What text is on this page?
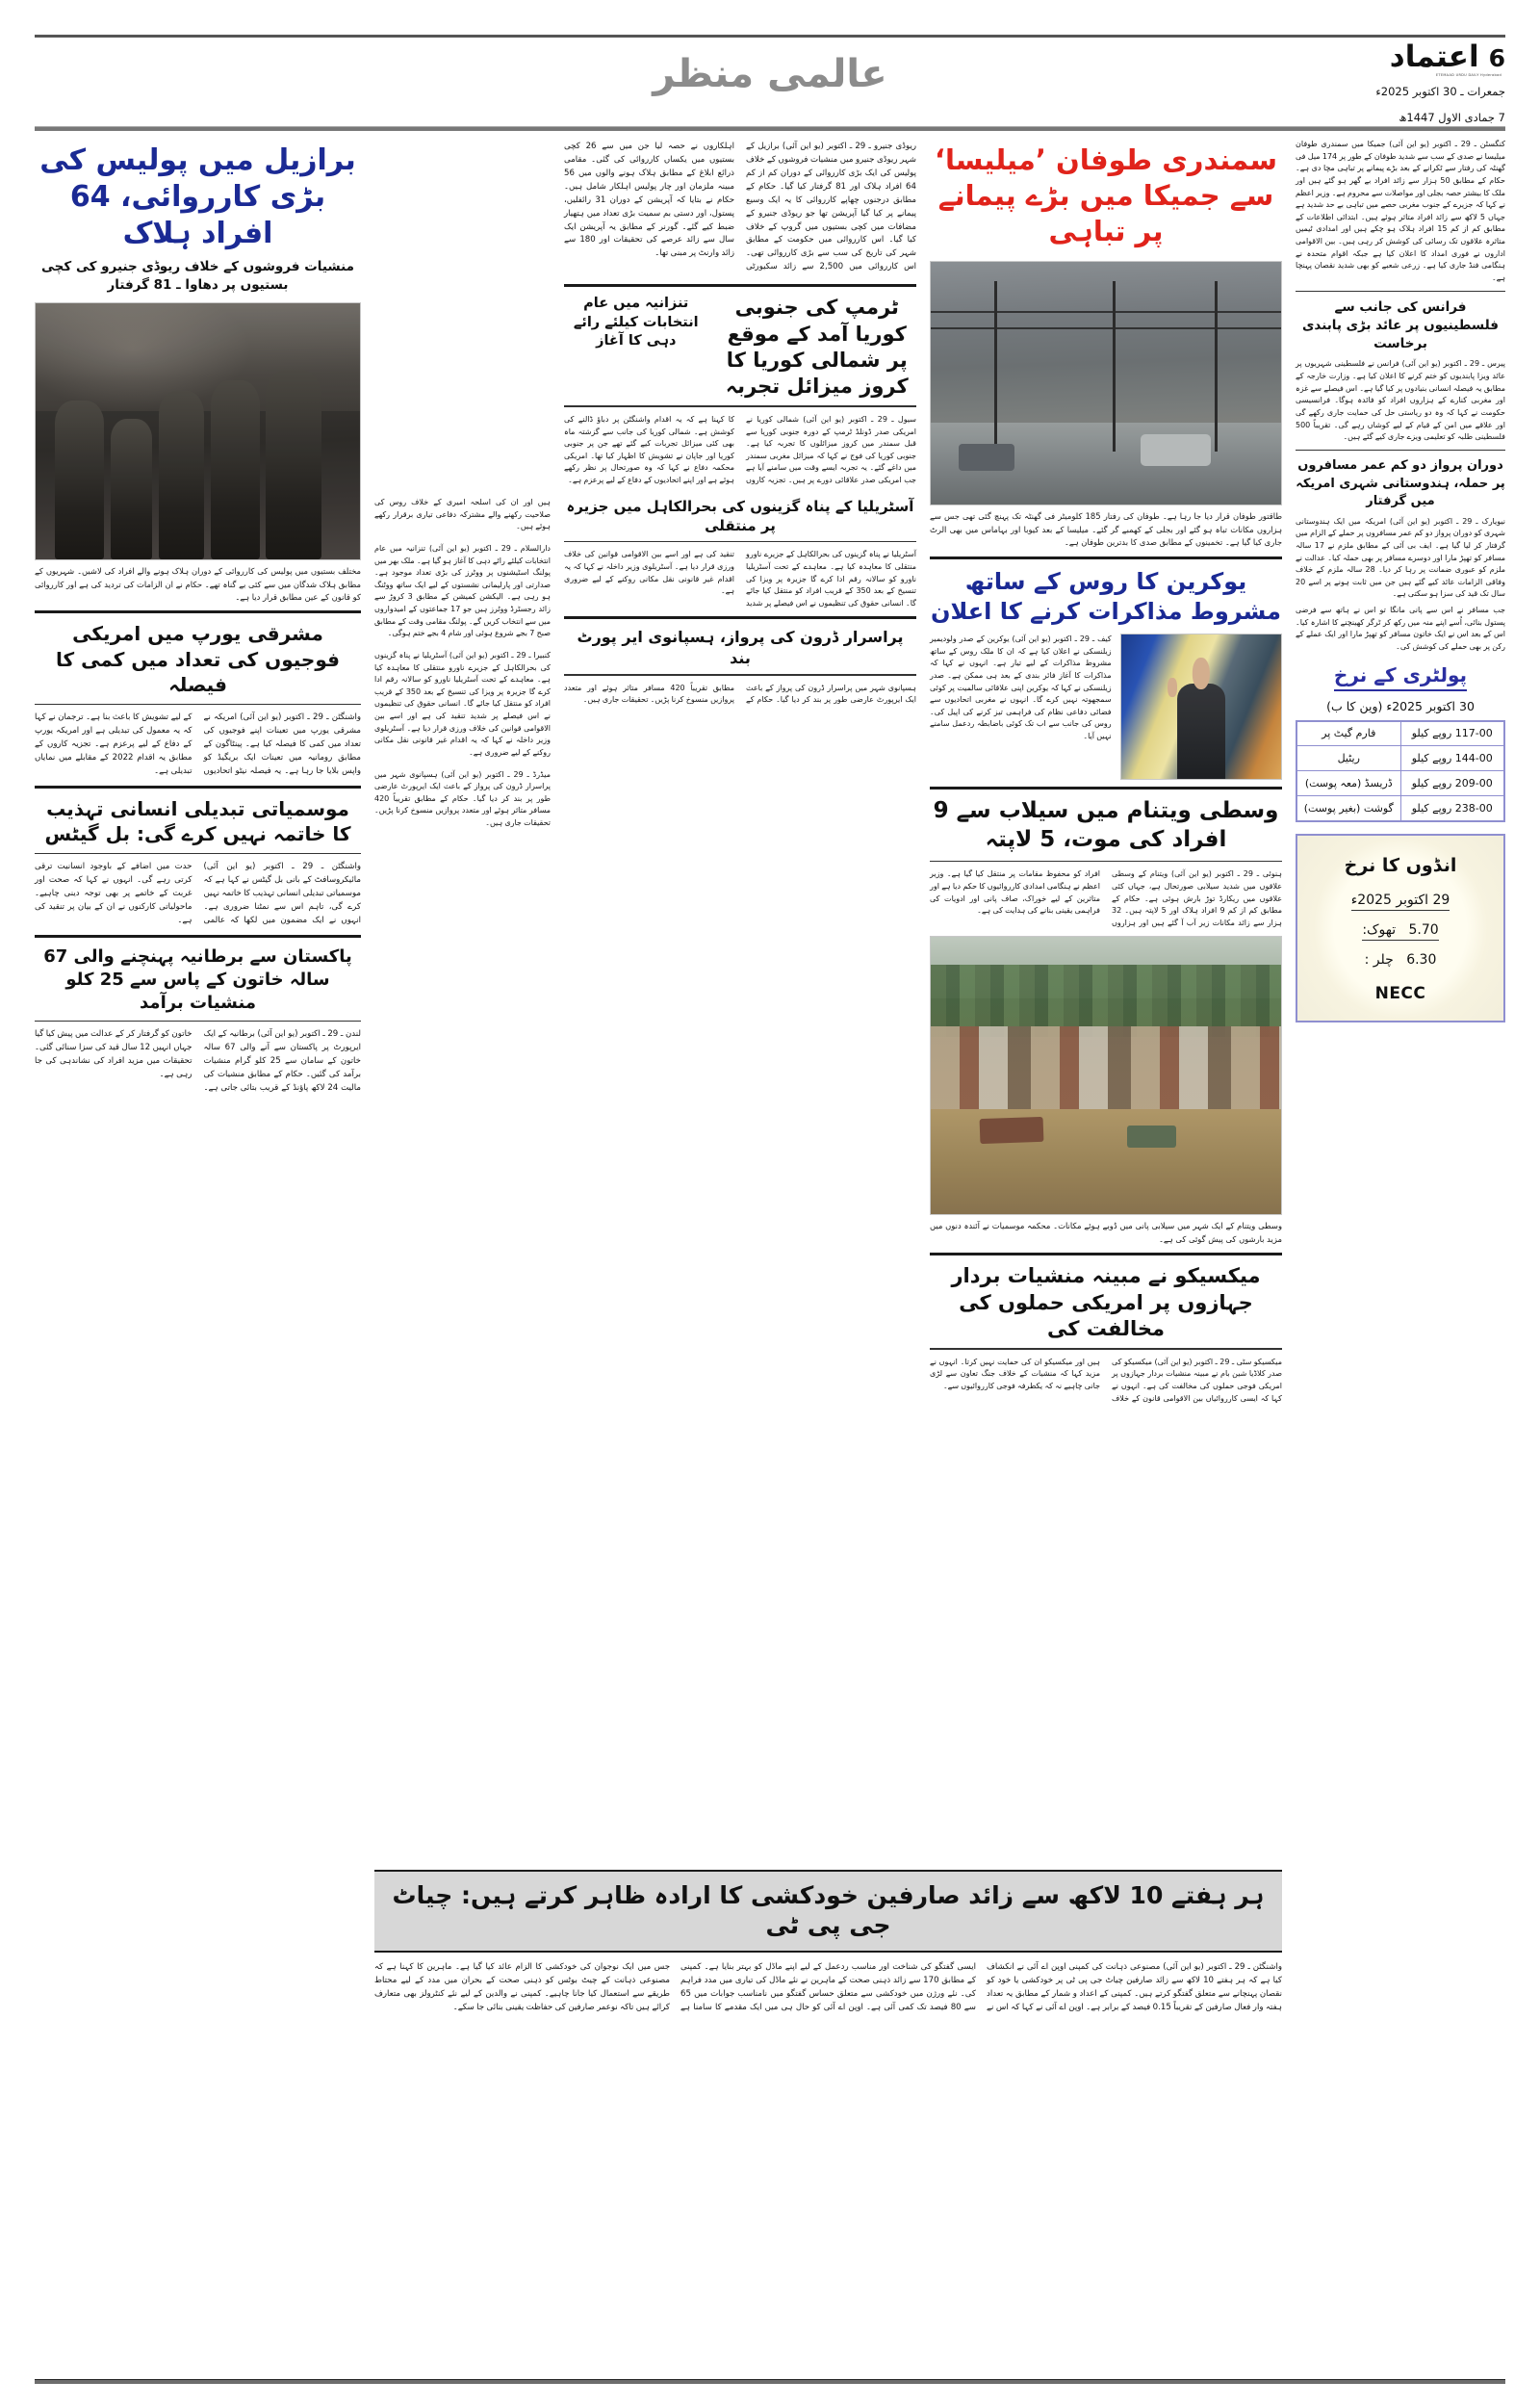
اعتماد 6
ETEMAAD URDU DAILY Hyderabad
جمعرات ـ 30 اکتوبر 2025ء
7 جمادی الاول 1447ھ
عالمی منظر
برازیل میں پولیس کی بڑی کارروائی، 64 افراد ہلاک
منشیات فروشوں کے خلاف ریوڈی جنیرو کی کچی بستیوں پر دھاوا ـ 81 گرفتار
مختلف بستیوں میں پولیس کی کارروائی کے دوران ہلاک ہونے والے افراد کی لاشیں۔ شہریوں کے مطابق ہلاک شدگان میں سے کئی بے گناہ تھے۔ حکام نے ان الزامات کی تردید کی ہے اور کارروائی کو قانون کے عین مطابق قرار دیا ہے۔
مشرقی یورپ میں امریکی فوجیوں کی تعداد میں کمی کا فیصلہ
واشنگٹن ـ 29 ـ اکتوبر (یو این آئی) امریکہ نے مشرقی یورپ میں تعینات اپنے فوجیوں کی تعداد میں کمی کا فیصلہ کیا ہے۔ پینٹاگون کے مطابق رومانیہ میں تعینات ایک بریگیڈ کو واپس بلایا جا رہا ہے۔ یہ فیصلہ نیٹو اتحادیوں کے لیے تشویش کا باعث بنا ہے۔ ترجمان نے کہا کہ یہ معمول کی تبدیلی ہے اور امریکہ یورپ کے دفاع کے لیے پرعزم ہے۔ تجزیہ کاروں کے مطابق یہ اقدام 2022 کے مقابلے میں نمایاں تبدیلی ہے۔
موسمیاتی تبدیلی انسانی تہذیب کا خاتمہ نہیں کرے گی: بل گیٹس
واشنگٹن ـ 29 ـ اکتوبر (یو این آئی) مائیکروسافٹ کے بانی بل گیٹس نے کہا ہے کہ موسمیاتی تبدیلی انسانی تہذیب کا خاتمہ نہیں کرے گی، تاہم اس سے نمٹنا ضروری ہے۔ انہوں نے ایک مضمون میں لکھا کہ عالمی حدت میں اضافے کے باوجود انسانیت ترقی کرتی رہے گی۔ انہوں نے کہا کہ صحت اور غربت کے خاتمے پر بھی توجہ دینی چاہیے۔ ماحولیاتی کارکنوں نے ان کے بیان پر تنقید کی ہے۔
پاکستان سے برطانیہ پہنچنے والی 67 سالہ خاتون کے پاس سے 25 کلو منشیات برآمد
لندن ـ 29 ـ اکتوبر (یو این آئی) برطانیہ کے ایک ایرپورٹ پر پاکستان سے آنے والی 67 سالہ خاتون کے سامان سے 25 کلو گرام منشیات برآمد کی گئیں۔ حکام کے مطابق منشیات کی مالیت 24 لاکھ پاؤنڈ کے قریب بتائی جاتی ہے۔ خاتون کو گرفتار کر کے عدالت میں پیش کیا گیا جہاں انہیں 12 سال قید کی سزا سنائی گئی۔ تحقیقات میں مزید افراد کی نشاندہی کی جا رہی ہے۔
ہیں اور ان کی اسلحہ امیری کے خلاف روس کی صلاحیت رکھنے والے مشترکہ دفاعی تیاری برقرار رکھے ہوئے ہیں۔
دارالسلام ـ 29 ـ اکتوبر (یو این آئی) تنزانیہ میں عام انتخابات کیلئے رائے دہی کا آغاز ہو گیا ہے۔ ملک بھر میں پولنگ اسٹیشنوں پر ووٹرز کی بڑی تعداد موجود ہے۔ صدارتی اور پارلیمانی نشستوں کے لیے ایک ساتھ ووٹنگ ہو رہی ہے۔ الیکشن کمیشن کے مطابق 3 کروڑ سے زائد رجسٹرڈ ووٹرز ہیں جو 17 جماعتوں کے امیدواروں میں سے انتخاب کریں گے۔ پولنگ مقامی وقت کے مطابق صبح 7 بجے شروع ہوئی اور شام 4 بجے ختم ہوگی۔
کنبیرا ـ 29 ـ اکتوبر (یو این آئی) آسٹریلیا نے پناہ گزینوں کی بحرالکاہل کے جزیرے ناورو منتقلی کا معاہدہ کیا ہے۔ معاہدے کے تحت آسٹریلیا ناورو کو سالانہ رقم ادا کرے گا جزیرہ پر ویزا کی تنسیخ کے بعد 350 کے قریب افراد کو منتقل کیا جائے گا۔ انسانی حقوق کی تنظیموں نے اس فیصلے پر شدید تنقید کی ہے اور اسے بین الاقوامی قوانین کی خلاف ورزی قرار دیا ہے۔ آسٹریلوی وزیر داخلہ نے کہا کہ یہ اقدام غیر قانونی نقل مکانی روکنے کے لیے ضروری ہے۔
میڈرڈ ـ 29 ـ اکتوبر (یو این آئی) ہسپانوی شہر میں پراسرار ڈرون کی پرواز کے باعث ایک ایرپورٹ عارضی طور پر بند کر دیا گیا۔ حکام کے مطابق تقریباً 420 مسافر متاثر ہوئے اور متعدد پروازیں منسوخ کرنا پڑیں۔ تحقیقات جاری ہیں۔
ریوڈی جنیرو ـ 29 ـ اکتوبر (یو این آئی) برازیل کے شہر ریوڈی جنیرو میں منشیات فروشوں کے خلاف پولیس کی ایک بڑی کارروائی کے دوران کم از کم 64 افراد ہلاک اور 81 گرفتار کیا گیا۔ حکام کے مطابق درجنوں چھاپے کارروائی کا یہ ایک وسیع پیمانے پر کیا گیا آپریشن تھا جو ریوڈی جنیرو کے مضافات میں کچی بستیوں میں گروپ کے خلاف کیا گیا۔ اس کارروائی میں حکومت کے مطابق شہر کی تاریخ کی سب سے بڑی کارروائی تھی۔ اس کارروائی میں 2,500 سے زائد سکیورٹی اہلکاروں نے حصہ لیا جن میں سے 26 کچی بستیوں میں یکساں کارروائی کی گئی۔ مقامی ذرائع ابلاغ کے مطابق ہلاک ہونے والوں میں 56 مبینہ ملزمان اور چار پولیس اہلکار شامل ہیں۔ حکام نے بتایا کہ آپریشن کے دوران 31 رائفلیں، پستول، اور دستی بم سمیت بڑی تعداد میں ہتھیار ضبط کیے گئے۔ گورنر کے مطابق یہ آپریشن ایک سال سے زائد عرصے کی تحقیقات اور 180 سے زائد وارنٹ پر مبنی تھا۔
ٹرمپ کی جنوبی کوریا آمد کے موقع پر شمالی کوریا کا کروز میزائل تجربہ
تنزانیہ میں عام انتخابات کیلئے رائے دہی کا آغاز
سیول ـ 29 ـ اکتوبر (یو این آئی) شمالی کوریا نے امریکی صدر ڈونلڈ ٹرمپ کے دورہ جنوبی کوریا سے قبل سمندر میں کروز میزائلوں کا تجربہ کیا ہے۔ جنوبی کوریا کی فوج نے کہا کہ میزائل مغربی سمندر میں داغے گئے۔ یہ تجربہ ایسے وقت میں سامنے آیا ہے جب امریکی صدر علاقائی دورے پر ہیں۔ تجزیہ کاروں کا کہنا ہے کہ یہ اقدام واشنگٹن پر دباؤ ڈالنے کی کوشش ہے۔ شمالی کوریا کی جانب سے گزشتہ ماہ بھی کئی میزائل تجربات کیے گئے تھے جن پر جنوبی کوریا اور جاپان نے تشویش کا اظہار کیا تھا۔ امریکی محکمہ دفاع نے کہا کہ وہ صورتحال پر نظر رکھے ہوئے ہے اور اپنے اتحادیوں کے دفاع کے لیے پرعزم ہے۔
آسٹریلیا کے پناہ گزینوں کی بحرالکاہل میں جزیرہ پر منتقلی
آسٹریلیا نے پناہ گزینوں کی بحرالکاہل کے جزیرے ناورو منتقلی کا معاہدہ کیا ہے۔ معاہدے کے تحت آسٹریلیا ناورو کو سالانہ رقم ادا کرے گا جزیرہ پر ویزا کی تنسیخ کے بعد 350 کے قریب افراد کو منتقل کیا جائے گا۔ انسانی حقوق کی تنظیموں نے اس فیصلے پر شدید تنقید کی ہے اور اسے بین الاقوامی قوانین کی خلاف ورزی قرار دیا ہے۔ آسٹریلوی وزیر داخلہ نے کہا کہ یہ اقدام غیر قانونی نقل مکانی روکنے کے لیے ضروری ہے۔
پراسرار ڈرون کی پرواز، ہسپانوی ایر پورٹ بند
ہسپانوی شہر میں پراسرار ڈرون کی پرواز کے باعث ایک ایرپورٹ عارضی طور پر بند کر دیا گیا۔ حکام کے مطابق تقریباً 420 مسافر متاثر ہوئے اور متعدد پروازیں منسوخ کرنا پڑیں۔ تحقیقات جاری ہیں۔
سمندری طوفان ’میلیسا‘ سے جمیکا میں بڑے پیمانے پر تباہی
طاقتور طوفان قرار دیا جا رہا ہے۔ طوفان کی رفتار 185 کلومیٹر فی گھنٹہ تک پہنچ گئی تھی جس سے ہزاروں مکانات تباہ ہو گئے اور بجلی کے کھمبے گر گئے۔ میلیسا کے بعد کیوبا اور بہاماس میں بھی الرٹ جاری کیا گیا ہے۔ تخمینوں کے مطابق صدی کا بدترین طوفان ہے۔
یوکرین کا روس کے ساتھ مشروط مذاکرات کرنے کا اعلان
کیف ـ 29 ـ اکتوبر (یو این آئی) یوکرین کے صدر ولودیمیر زیلنسکی نے اعلان کیا ہے کہ ان کا ملک روس کے ساتھ مشروط مذاکرات کے لیے تیار ہے۔ انہوں نے کہا کہ مذاکرات کا آغاز فائر بندی کے بعد ہی ممکن ہے۔ صدر زیلنسکی نے کہا کہ یوکرین اپنی علاقائی سالمیت پر کوئی سمجھوتہ نہیں کرے گا۔ انہوں نے مغربی اتحادیوں سے فضائی دفاعی نظام کی فراہمی تیز کرنے کی اپیل کی۔ روس کی جانب سے اب تک کوئی باضابطہ ردعمل سامنے نہیں آیا۔
وسطی ویتنام میں سیلاب سے 9 افراد کی موت، 5 لاپتہ
ہنوئی ـ 29 ـ اکتوبر (یو این آئی) ویتنام کے وسطی علاقوں میں شدید سیلابی صورتحال ہے، جہاں کئی علاقوں میں ریکارڈ توڑ بارش ہوئی ہے۔ حکام کے مطابق کم از کم 9 افراد ہلاک اور 5 لاپتہ ہیں۔ 32 ہزار سے زائد مکانات زیر آب آ گئے ہیں اور ہزاروں افراد کو محفوظ مقامات پر منتقل کیا گیا ہے۔ وزیر اعظم نے ہنگامی امدادی کارروائیوں کا حکم دیا ہے اور متاثرین کے لیے خوراک، صاف پانی اور ادویات کی فراہمی یقینی بنانے کی ہدایت کی ہے۔
وسطی ویتنام کے ایک شہر میں سیلابی پانی میں ڈوبے ہوئے مکانات۔ محکمہ موسمیات نے آئندہ دنوں میں مزید بارشوں کی پیش گوئی کی ہے۔
میکسیکو نے مبینہ منشیات بردار جہازوں پر امریکی حملوں کی مخالفت کی
میکسیکو سٹی ـ 29 ـ اکتوبر (یو این آئی) میکسیکو کی صدر کلاڈیا شین بام نے مبینہ منشیات بردار جہازوں پر امریکی فوجی حملوں کی مخالفت کی ہے۔ انہوں نے کہا کہ ایسی کارروائیاں بین الاقوامی قانون کے خلاف ہیں اور میکسیکو ان کی حمایت نہیں کرتا۔ انہوں نے مزید کہا کہ منشیات کے خلاف جنگ تعاون سے لڑی جانی چاہیے نہ کہ یکطرفہ فوجی کارروائیوں سے۔
کنگسٹن ـ 29 ـ اکتوبر (یو این آئی) جمیکا میں سمندری طوفان میلیسا نے صدی کے سب سے شدید طوفان کے طور پر 174 میل فی گھنٹہ کی رفتار سے ٹکرانے کے بعد بڑے پیمانے پر تباہی مچا دی ہے۔ حکام کے مطابق 50 ہزار سے زائد افراد بے گھر ہو گئے ہیں اور ملک کا بیشتر حصہ بجلی اور مواصلات سے محروم ہے۔ وزیر اعظم نے کہا کہ جزیرے کے جنوب مغربی حصے میں تباہی بے حد شدید ہے جہاں 5 لاکھ سے زائد افراد متاثر ہوئے ہیں۔ ابتدائی اطلاعات کے مطابق کم از کم 15 افراد ہلاک ہو چکے ہیں اور امدادی ٹیمیں متاثرہ علاقوں تک رسائی کی کوشش کر رہی ہیں۔ بین الاقوامی اداروں نے فوری امداد کا اعلان کیا ہے جبکہ اقوام متحدہ نے ہنگامی فنڈ جاری کیا ہے۔ زرعی شعبے کو بھی شدید نقصان پہنچا ہے۔
فرانس کی جانب سے فلسطینیوں پر عائد بڑی پابندی برخاست
پیرس ـ 29 ـ اکتوبر (یو این آئی) فرانس نے فلسطینی شہریوں پر عائد ویزا پابندیوں کو ختم کرنے کا اعلان کیا ہے۔ وزارت خارجہ کے مطابق یہ فیصلہ انسانی بنیادوں پر کیا گیا ہے۔ اس فیصلے سے غزہ اور مغربی کنارے کے ہزاروں افراد کو فائدہ ہوگا۔ فرانسیسی حکومت نے کہا کہ وہ دو ریاستی حل کی حمایت جاری رکھے گی اور علاقے میں امن کے قیام کے لیے کوشاں رہے گی۔ تقریباً 500 فلسطینی طلبہ کو تعلیمی ویزے جاری کیے گئے ہیں۔
دوران پرواز دو کم عمر مسافروں پر حملہ، ہندوستانی شہری امریکہ میں گرفتار
نیویارک ـ 29 ـ اکتوبر (یو این آئی) امریکہ میں ایک ہندوستانی شہری کو دوران پرواز دو کم عمر مسافروں پر حملے کے الزام میں گرفتار کر لیا گیا ہے۔ ایف بی آئی کے مطابق ملزم نے 17 سالہ مسافر کو تھپڑ مارا اور دوسرے مسافر پر بھی حملہ کیا۔ عدالت نے ملزم کو عبوری ضمانت پر رہا کر دیا۔ 28 سالہ ملزم کے خلاف وفاقی الزامات عائد کیے گئے ہیں جن میں ثابت ہونے پر اسے 20 سال تک قید کی سزا ہو سکتی ہے۔
جب مسافر نے اس سے پانی مانگا تو اس نے ہاتھ سے فرضی پستول بنائی، اُسے اپنے منہ میں رکھ کر ٹرگر کھینچنے کا اشارہ کیا۔ اس کے بعد اس نے ایک خاتون مسافر کو تھپڑ مارا اور ایک عملے کے رکن پر بھی حملے کی کوشش کی۔
پولٹری کے نرخ
30 اکتوبر 2025ء (وین کا ب)
117-00 روپے کیلو	فارم گیٹ پر
144-00 روپے کیلو	ریٹیل
209-00 روپے کیلو	ڈریسڈ (معہ پوست)
238-00 روپے کیلو	گوشت (بغیر پوست)
انڈوں کا نرخ
29 اکتوبر 2025ء
5.70   تھوک:
6.30   چلر :
NECC
ہر ہفتے 10 لاکھ سے زائد صارفین خودکشی کا ارادہ ظاہر کرتے ہیں: چیاٹ جی پی ٹی
واشنگٹن ـ 29 ـ اکتوبر (یو این آئی) مصنوعی ذہانت کی کمپنی اوپن اے آئی نے انکشاف کیا ہے کہ ہر ہفتے 10 لاکھ سے زائد صارفین چیاٹ جی پی ٹی پر خودکشی یا خود کو نقصان پہنچانے سے متعلق گفتگو کرتے ہیں۔ کمپنی کے اعداد و شمار کے مطابق یہ تعداد ہفتہ وار فعال صارفین کے تقریباً 0.15 فیصد کے برابر ہے۔ اوپن اے آئی نے کہا کہ اس نے ایسی گفتگو کی شناخت اور مناسب ردعمل کے لیے اپنے ماڈل کو بہتر بنایا ہے۔ کمپنی کے مطابق 170 سے زائد ذہنی صحت کے ماہرین نے نئے ماڈل کی تیاری میں مدد فراہم کی۔ نئے ورژن میں خودکشی سے متعلق حساس گفتگو میں نامناسب جوابات میں 65 سے 80 فیصد تک کمی آئی ہے۔ اوپن اے آئی کو حال ہی میں ایک مقدمے کا سامنا ہے جس میں ایک نوجوان کی خودکشی کا الزام عائد کیا گیا ہے۔ ماہرین کا کہنا ہے کہ مصنوعی ذہانت کے چیٹ بوٹس کو ذہنی صحت کے بحران میں مدد کے لیے محتاط طریقے سے استعمال کیا جانا چاہیے۔ کمپنی نے والدین کے لیے نئے کنٹرولز بھی متعارف کرائے ہیں تاکہ نوعمر صارفین کی حفاظت یقینی بنائی جا سکے۔
